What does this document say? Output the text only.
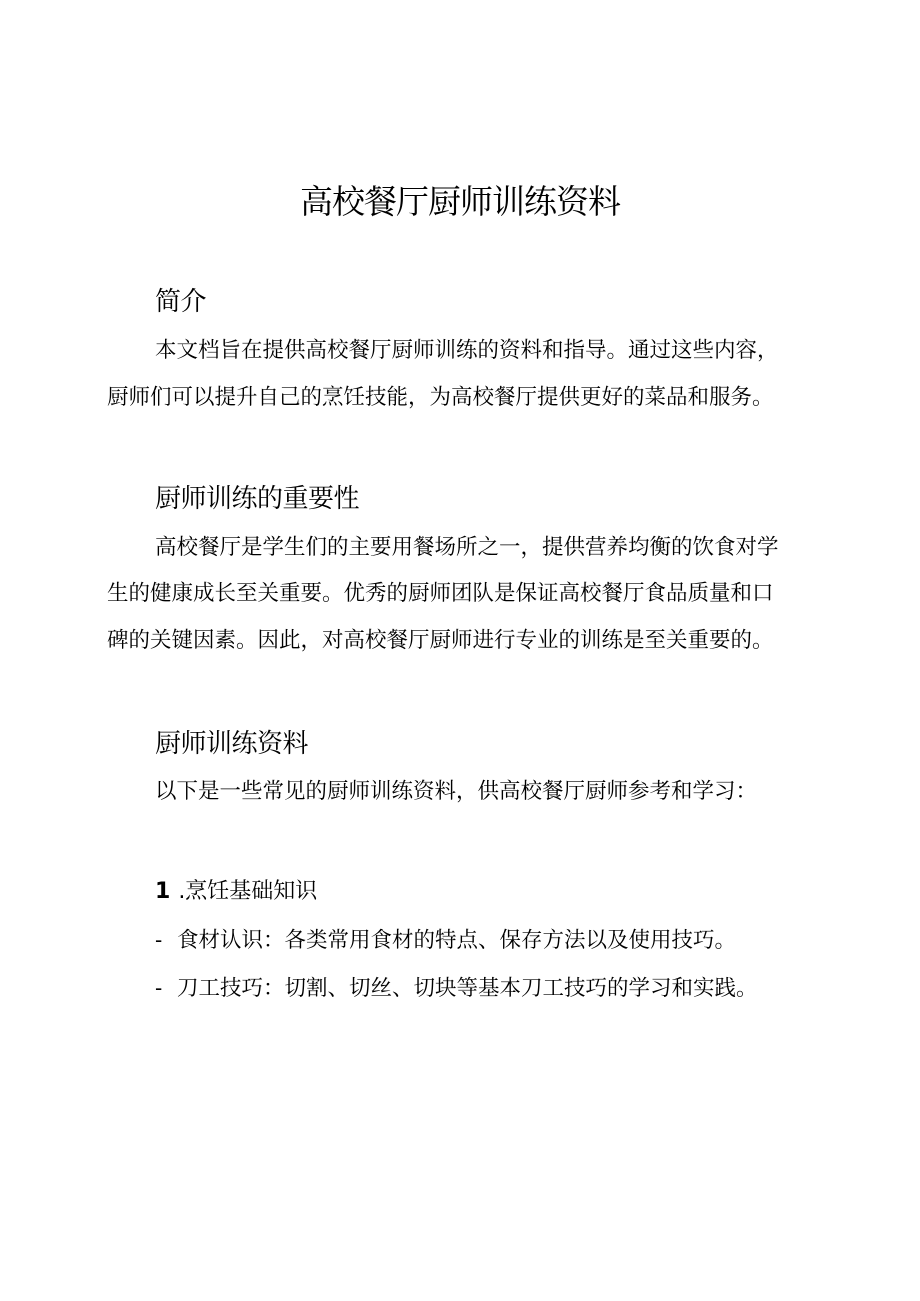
高校餐厅厨师训练资料
简介

本文档旨在提供高校餐厅厨师训练的资料和指导。通过这些内容，

厨师们可以提升自己的烹饪技能，为高校餐厅提供更好的菜品和服务。

厨师训练的重要性

高校餐厅是学生们的主要用餐场所之一，提供营养均衡的饮食对学

生的健康成长至关重要。优秀的厨师团队是保证高校餐厅食品质量和口

碑的关键因素。因此，对高校餐厅厨师进行专业的训练是至关重要的。

厨师训练资料

以下是一些常见的厨师训练资料，供高校餐厅厨师参考和学习：

1 .烹饪基础知识

- 食材认识：各类常用食材的特点、保存方法以及使用技巧。

- 刀工技巧：切割、切丝、切块等基本刀工技巧的学习和实践。
